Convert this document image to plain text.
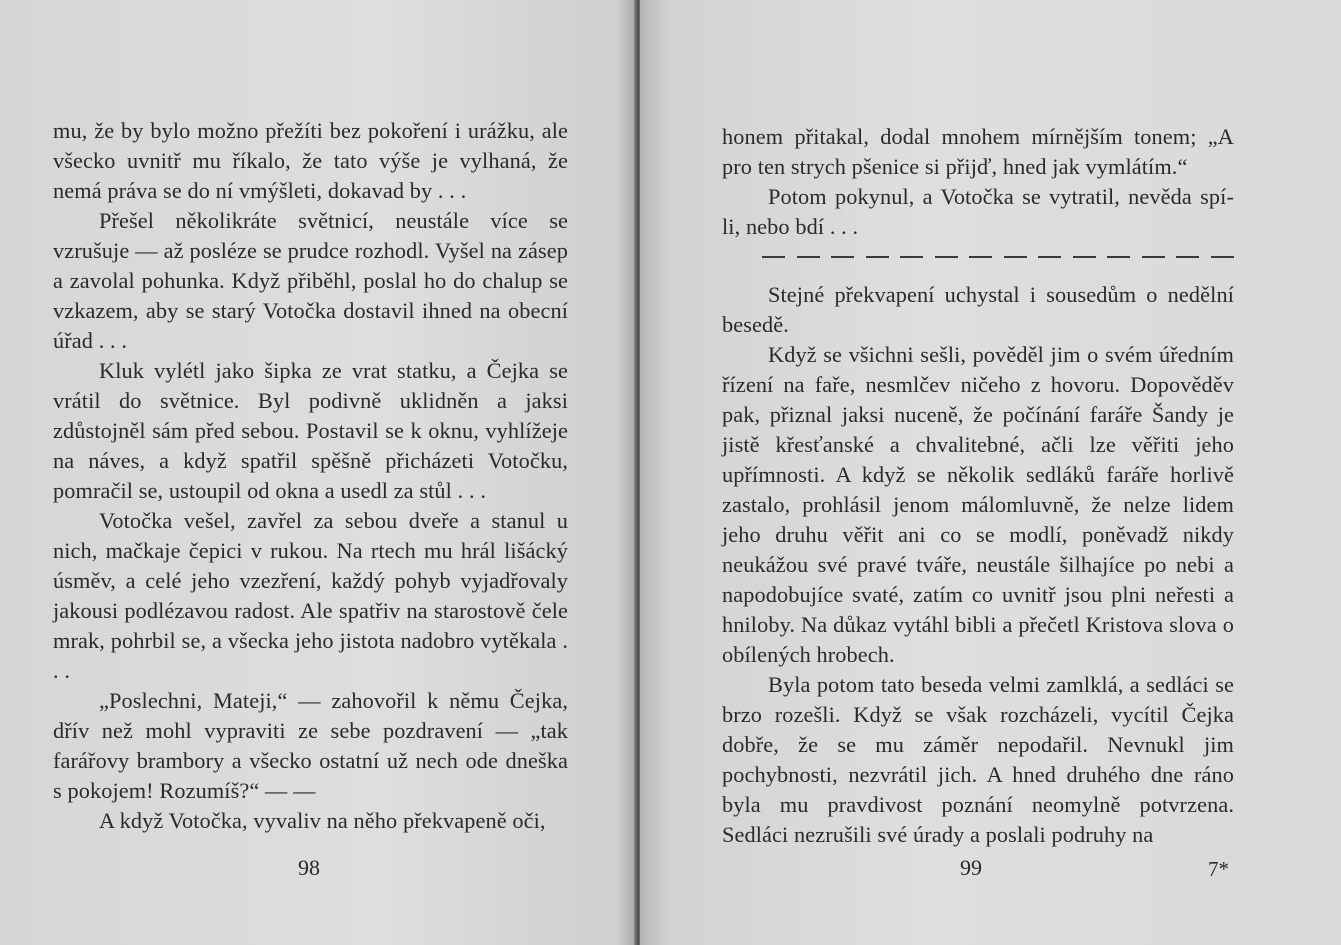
mu, že by bylo možno přežíti bez pokoření i urážku, ale všecko uvnitř mu říkalo, že tato výše je vylhaná, že nemá práva se do ní vmýšleti, dokavad by . . .

Přešel několikráte světnicí, neustále více se vzrušuje — až posléze se prudce rozhodl. Vyšel na zásep a zavolal pohunka. Když přiběhl, poslal ho do chalup se vzkazem, aby se starý Votočka dostavil ihned na obecní úřad . . .

Kluk vylétl jako šipka ze vrat statku, a Čejka se vrátil do světnice. Byl podivně uklidněn a jaksi zdůstojněl sám před sebou. Postavil se k oknu, vyhlížeje na náves, a když spatřil spěšně přicházeti Votočku, pomračil se, ustoupil od okna a usedl za stůl . . .

Votočka vešel, zavřel za sebou dveře a stanul u nich, mačkaje čepici v rukou. Na rtech mu hrál lišácký úsměv, a celé jeho vzezření, každý pohyb vyjadřovaly jakousi podlézavou radost. Ale spatřiv na starostově čele mrak, pohrbil se, a všecka jeho jistota nadobro vytěkala . . .

„Poslechni, Mateji,“ — zahovořil k němu Čejka, dřív než mohl vypraviti ze sebe pozdravení — „tak farářovy brambory a všecko ostatní už nech ode dneška s pokojem! Rozumíš?“ — —

A když Votočka, vyvaliv na něho překvapeně oči,

98

honem přitakal, dodal mnohem mírnějším tonem; „A pro ten strych pšenice si přijď, hned jak vymlátím.“

Potom pokynul, a Votočka se vytratil, nevěda spí-li, nebo bdí . . .

Stejné překvapení uchystal i sousedům o nedělní besedě.

Když se všichni sešli, pověděl jim o svém úředním řízení na faře, nesmlčev ničeho z hovoru. Dopověděv pak, přiznal jaksi nuceně, že počínání faráře Šandy je jistě křesťanské a chvalitebné, ačli lze věřiti jeho upřímnosti. A když se několik sedláků faráře horlivě zastalo, prohlásil jenom málomluvně, že nelze lidem jeho druhu věřit ani co se modlí, poněvadž nikdy neukážou své pravé tváře, neustále šilhajíce po nebi a napodobujíce svaté, zatím co uvnitř jsou plni neřesti a hniloby. Na důkaz vytáhl bibli a přečetl Kristova slova o obílených hrobech.

Byla potom tato beseda velmi zamlklá, a sedláci se brzo rozešli. Když se však rozcházeli, vycítil Čejka dobře, že se mu záměr nepodařil. Nevnukl jim pochybnosti, nezvrátil jich. A hned druhého dne ráno byla mu pravdivost poznání neomylně potvrzena. Sedláci nezrušili své úrady a poslali podruhy na

99	7*
